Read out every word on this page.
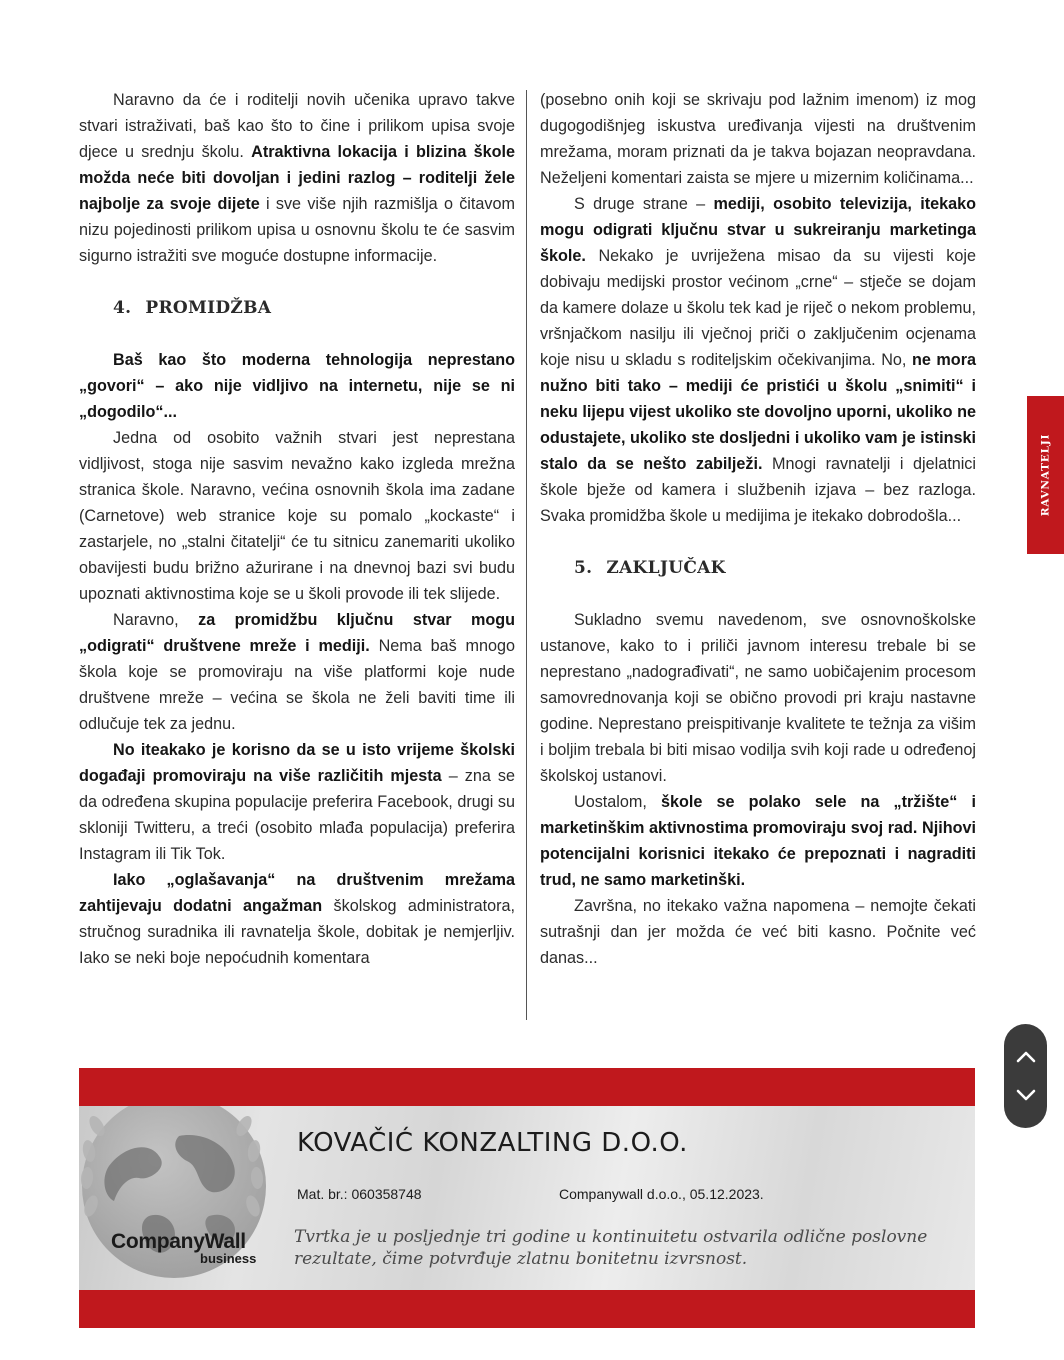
Naravno da će i roditelji novih učenika upravo takve stvari istraživati, baš kao što to čine i prilikom upisa svoje djece u srednju školu. Atraktivna lokacija i blizina škole možda neće biti dovoljan i jedini razlog – roditelji žele najbolje za svoje dijete i sve više njih razmišlja o čitavom nizu pojedinosti prilikom upisa u osnovnu školu te će sasvim sigurno istražiti sve moguće dostupne informacije.

4. PROMIDŽBA

Baš kao što moderna tehnologija neprestano „govori“ – ako nije vidljivo na internetu, nije se ni „dogodilo“...

Jedna od osobito važnih stvari jest neprestana vidljivost, stoga nije sasvim nevažno kako izgleda mrežna stranica škole. Naravno, većina osnovnih škola ima zadane (Carnetove) web stranice koje su pomalo „kockaste“ i zastarjele, no „stalni čitatelji“ će tu sitnicu zanemariti ukoliko obavijesti budu brižno ažurirane i na dnevnoj bazi svi budu upoznati aktivnostima koje se u školi provode ili tek slijede.

Naravno, za promidžbu ključnu stvar mogu „odigrati“ društvene mreže i mediji. Nema baš mnogo škola koje se promoviraju na više platformi koje nude društvene mreže – većina se škola ne želi baviti time ili odlučuje tek za jednu.

No iteakako je korisno da se u isto vrijeme školski događaji promoviraju na više različitih mjesta – zna se da određena skupina populacije preferira Facebook, drugi su skloniji Twitteru, a treći (osobito mlađa populacija) preferira Instagram ili Tik Tok.

Iako „oglašavanja“ na društvenim mrežama zahtijevaju dodatni angažman školskog administratora, stručnog suradnika ili ravnatelja škole, dobitak je nemjerljiv. Iako se neki boje nepoćudnih komentara

(posebno onih koji se skrivaju pod lažnim imenom) iz mog dugogodišnjeg iskustva uređivanja vijesti na društvenim mrežama, moram priznati da je takva bojazan neopravdana. Neželjeni komentari zaista se mjere u mizernim količinama...

S druge strane – mediji, osobito televizija, itekako mogu odigrati ključnu stvar u sukreiranju marketinga škole. Nekako je uvriježena misao da su vijesti koje dobivaju medijski prostor većinom „crne“ – stječe se dojam da kamere dolaze u školu tek kad je riječ o nekom problemu, vršnjačkom nasilju ili vječnoj priči o zaključenim ocjenama koje nisu u skladu s roditeljskim očekivanjima. No, ne mora nužno biti tako – mediji će pristići u školu „snimiti“ i neku lijepu vijest ukoliko ste dovoljno uporni, ukoliko ne odustajete, ukoliko ste dosljedni i ukoliko vam je istinski stalo da se nešto zabilježi. Mnogi ravnatelji i djelatnici škole bježe od kamera i službenih izjava – bez razloga. Svaka promidžba škole u medijima je itekako dobrodošla...

5. ZAKLJUČAK

Sukladno svemu navedenom, sve osnovnoškolske ustanove, kako to i priliči javnom interesu trebale bi se neprestano „nadograđivati“, ne samo uobičajenim procesom samovrednovanja koji se obično provodi pri kraju nastavne godine. Neprestano preispitivanje kvalitete te težnja za višim i boljim trebala bi biti misao vodilja svih koji rade u određenoj školskoj ustanovi.

Uostalom, škole se polako sele na „tržište“ i marketinškim aktivnostima promoviraju svoj rad. Njihovi potencijalni korisnici itekako će prepoznati i nagraditi trud, ne samo marketinški.

Završna, no itekako važna napomena – nemojte čekati sutrašnji dan jer možda će već biti kasno. Počnite već danas...

RAVNATELJI
CompanyWall
business
KOVAČIĆ KONZALTING D.O.O.
Mat. br.: 060358748	Companywall d.o.o., 05.12.2023.
Tvrtka je u posljednje tri godine u kontinuitetu ostvarila odlične poslovne rezultate, čime potvrđuje zlatnu bonitetnu izvrsnost.
